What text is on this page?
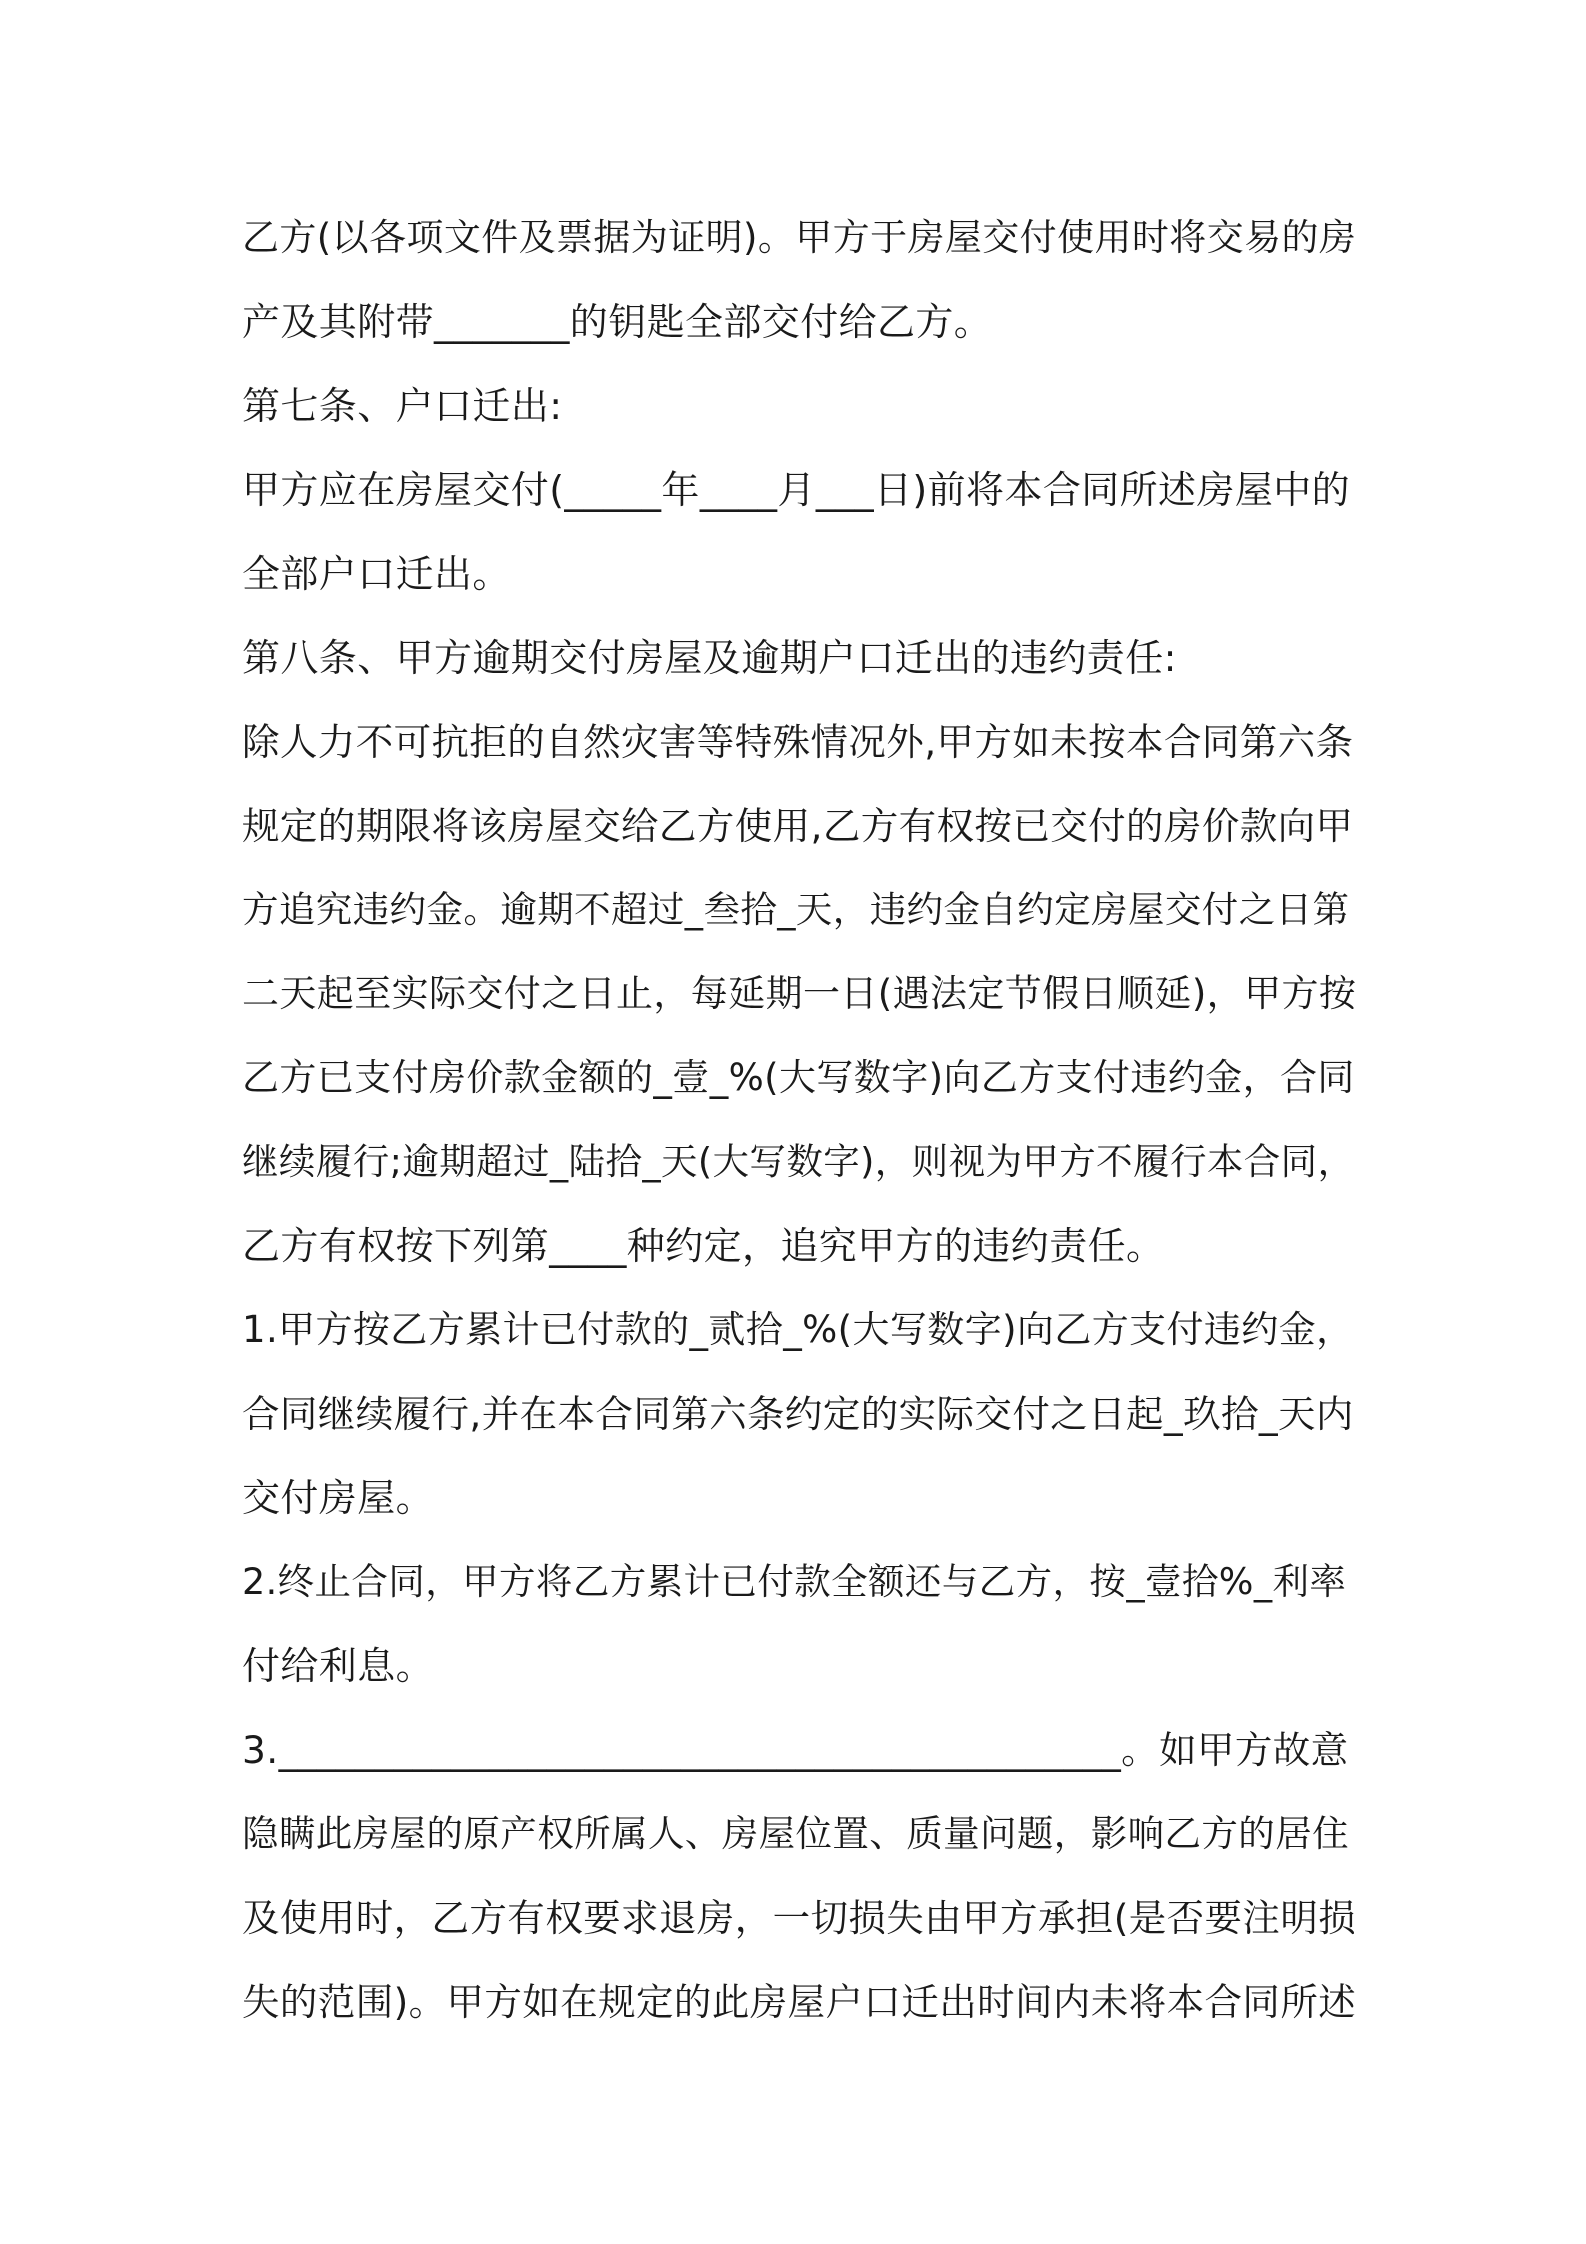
乙方(以各项文件及票据为证明)。甲方于房屋交付使用时将交易的房
产及其附带_______的钥匙全部交付给乙方。
第七条、户口迁出:
甲方应在房屋交付(_____年____月___日)前将本合同所述房屋中的
全部户口迁出。
第八条、甲方逾期交付房屋及逾期户口迁出的违约责任:
除人力不可抗拒的自然灾害等特殊情况外,甲方如未按本合同第六条
规定的期限将该房屋交给乙方使用,乙方有权按已交付的房价款向甲
方追究违约金。逾期不超过_叁拾_天，违约金自约定房屋交付之日第
二天起至实际交付之日止，每延期一日(遇法定节假日顺延)，甲方按
乙方已支付房价款金额的_壹_%(大写数字)向乙方支付违约金，合同
继续履行;逾期超过_陆拾_天(大写数字)，则视为甲方不履行本合同，
乙方有权按下列第____种约定，追究甲方的违约责任。
1.甲方按乙方累计已付款的_贰拾_%(大写数字)向乙方支付违约金，
合同继续履行,并在本合同第六条约定的实际交付之日起_玖拾_天内
交付房屋。
2.终止合同，甲方将乙方累计已付款全额还与乙方，按_壹拾%_利率
付给利息。
3.____________________________________________。如甲方故意
隐瞒此房屋的原产权所属人、房屋位置、质量问题，影响乙方的居住
及使用时，乙方有权要求退房，一切损失由甲方承担(是否要注明损
失的范围)。甲方如在规定的此房屋户口迁出时间内未将本合同所述
